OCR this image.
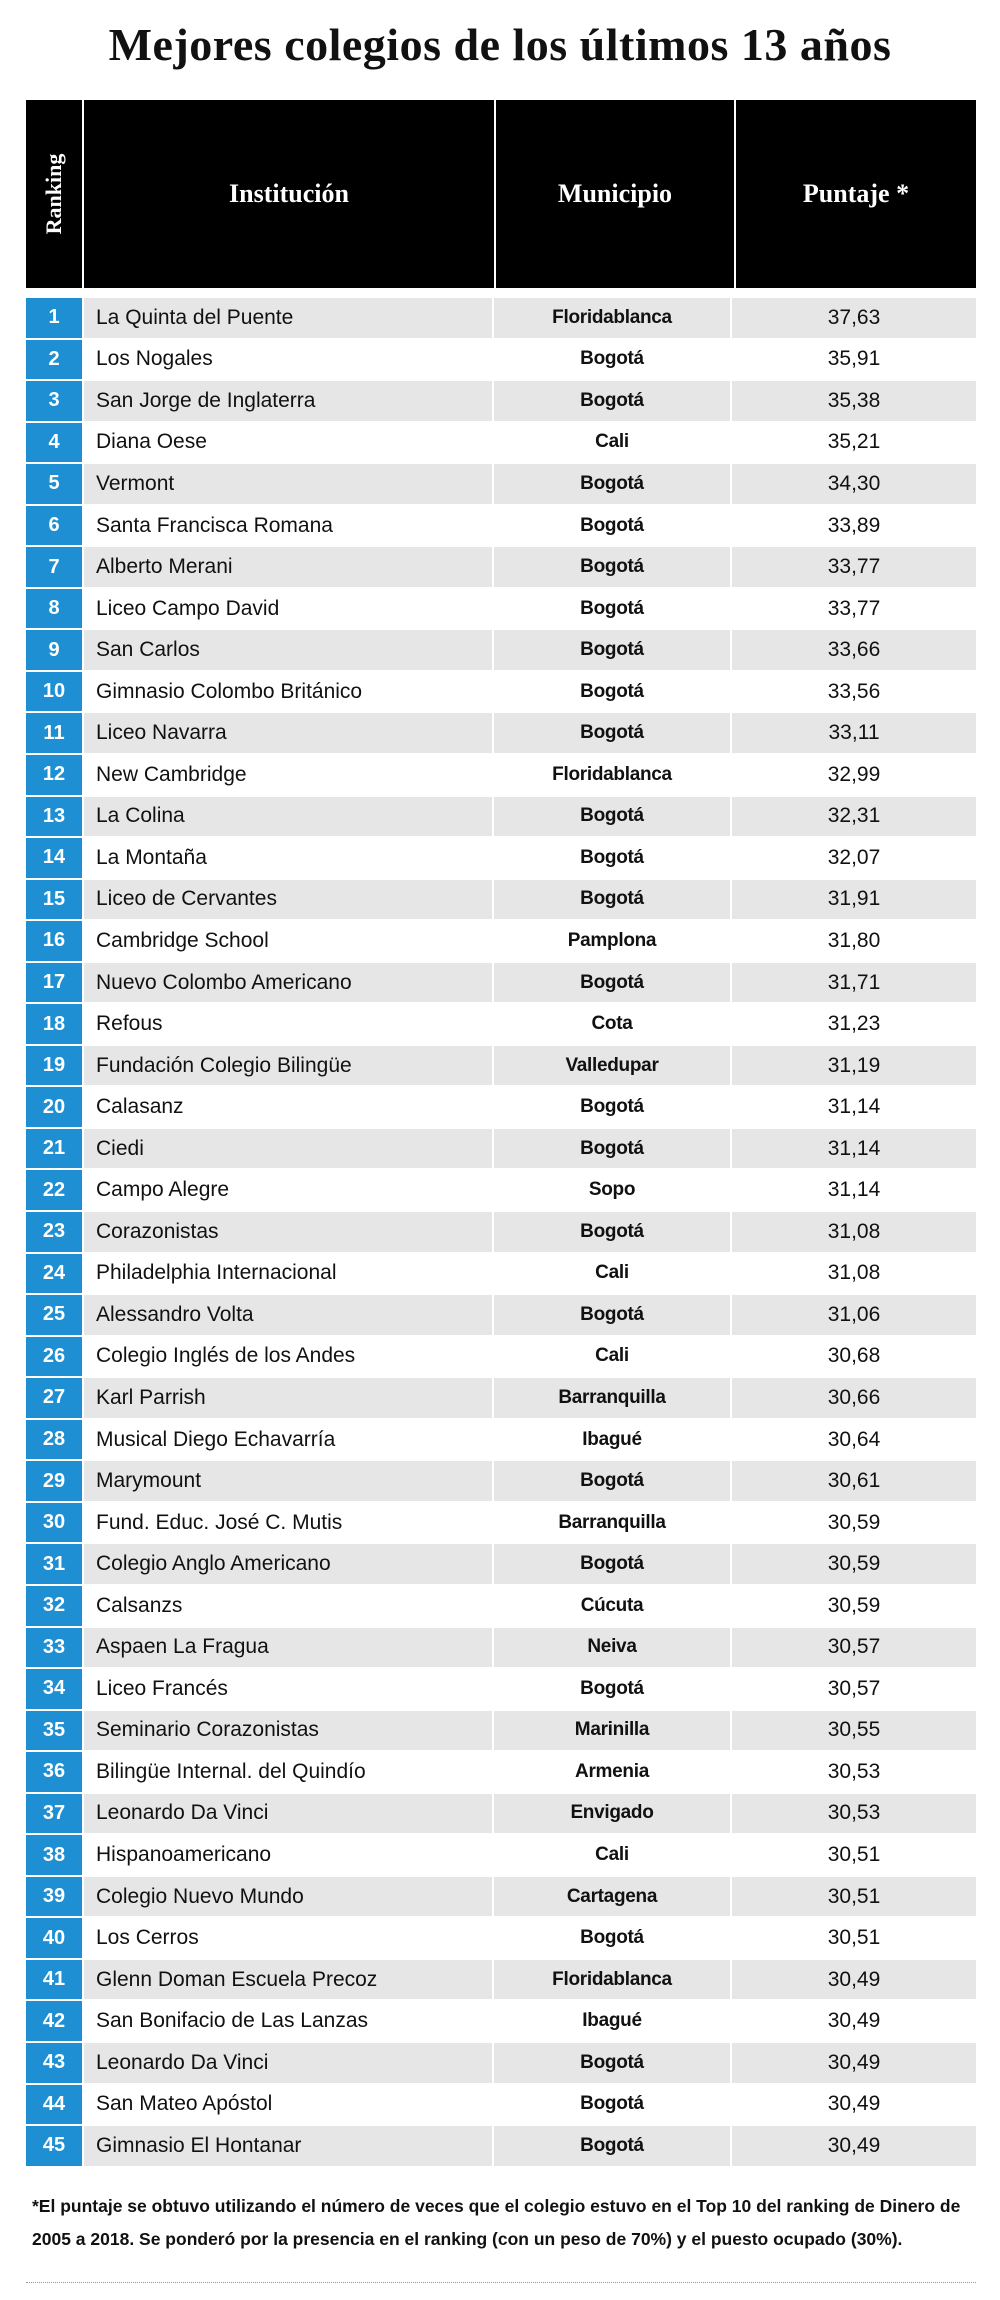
Mejores colegios de los últimos 13 años
Ranking	Institución	Municipio	Puntaje *
1	La Quinta del Puente	Floridablanca	37,63
2	Los Nogales	Bogotá	35,91
3	San Jorge de Inglaterra	Bogotá	35,38
4	Diana Oese	Cali	35,21
5	Vermont	Bogotá	34,30
6	Santa Francisca Romana	Bogotá	33,89
7	Alberto Merani	Bogotá	33,77
8	Liceo Campo David	Bogotá	33,77
9	San Carlos	Bogotá	33,66
10	Gimnasio Colombo Británico	Bogotá	33,56
11	Liceo Navarra	Bogotá	33,11
12	New Cambridge	Floridablanca	32,99
13	La Colina	Bogotá	32,31
14	La Montaña	Bogotá	32,07
15	Liceo de Cervantes	Bogotá	31,91
16	Cambridge School	Pamplona	31,80
17	Nuevo Colombo Americano	Bogotá	31,71
18	Refous	Cota	31,23
19	Fundación Colegio Bilingüe	Valledupar	31,19
20	Calasanz	Bogotá	31,14
21	Ciedi	Bogotá	31,14
22	Campo Alegre	Sopo	31,14
23	Corazonistas	Bogotá	31,08
24	Philadelphia Internacional	Cali	31,08
25	Alessandro Volta	Bogotá	31,06
26	Colegio Inglés de los Andes	Cali	30,68
27	Karl Parrish	Barranquilla	30,66
28	Musical Diego Echavarría	Ibagué	30,64
29	Marymount	Bogotá	30,61
30	Fund. Educ. José C. Mutis	Barranquilla	30,59
31	Colegio Anglo Americano	Bogotá	30,59
32	Calsanzs	Cúcuta	30,59
33	Aspaen La Fragua	Neiva	30,57
34	Liceo Francés	Bogotá	30,57
35	Seminario Corazonistas	Marinilla	30,55
36	Bilingüe Internal. del Quindío	Armenia	30,53
37	Leonardo Da Vinci	Envigado	30,53
38	Hispanoamericano	Cali	30,51
39	Colegio Nuevo Mundo	Cartagena	30,51
40	Los Cerros	Bogotá	30,51
41	Glenn Doman Escuela Precoz	Floridablanca	30,49
42	San Bonifacio de Las Lanzas	Ibagué	30,49
43	Leonardo Da Vinci	Bogotá	30,49
44	San Mateo Apóstol	Bogotá	30,49
45	Gimnasio El Hontanar	Bogotá	30,49
*El puntaje se obtuvo utilizando el número de veces que el colegio estuvo en el Top 10 del ranking de Dinero de 2005 a 2018. Se ponderó por la presencia en el ranking (con un peso de 70%) y el puesto ocupado (30%).
